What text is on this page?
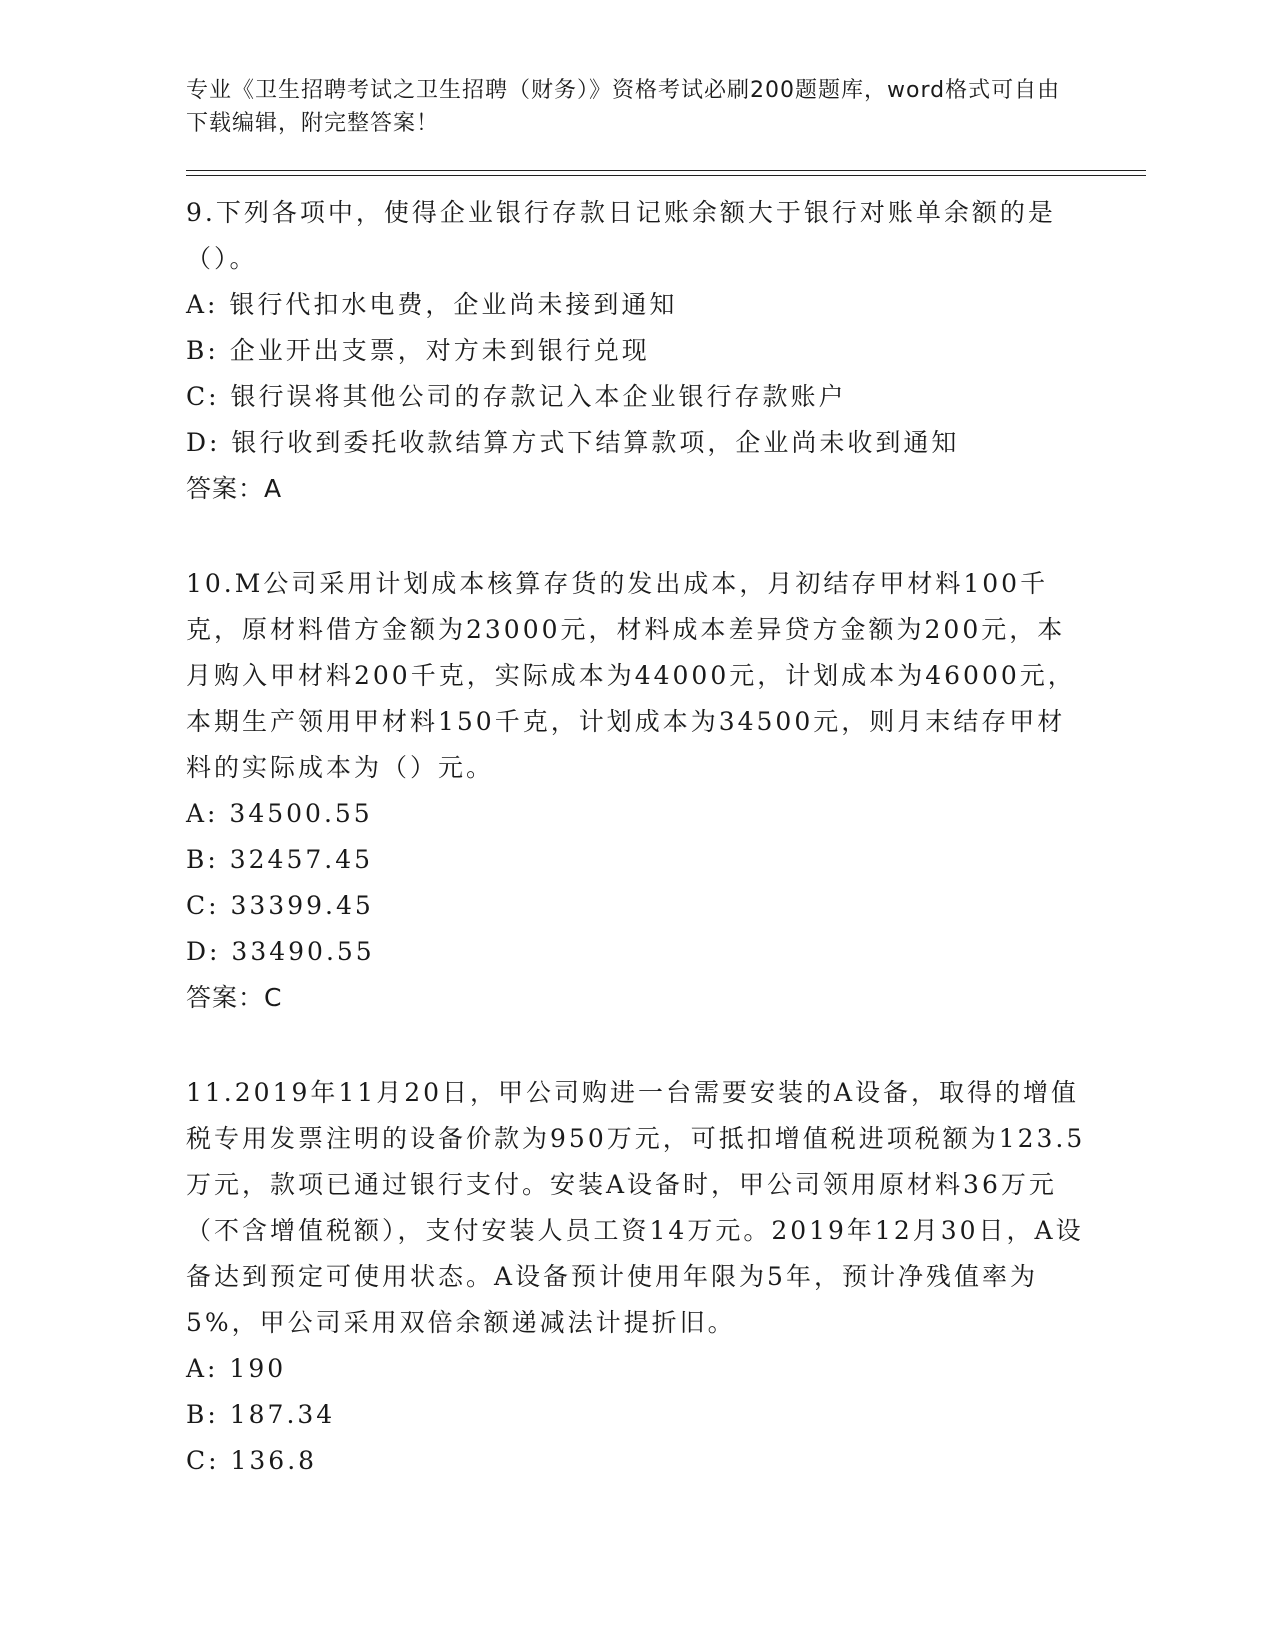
专业《卫生招聘考试之卫生招聘（财务）》资格考试必刷200题题库，word格式可自由下载编辑，附完整答案！
9.下列各项中，使得企业银行存款日记账余额大于银行对账单余额的是（）。
A: 银行代扣水电费，企业尚未接到通知
B: 企业开出支票，对方未到银行兑现
C: 银行误将其他公司的存款记入本企业银行存款账户
D: 银行收到委托收款结算方式下结算款项，企业尚未收到通知
答案：A
10.M公司采用计划成本核算存货的发出成本，月初结存甲材料100千克，原材料借方金额为23000元，材料成本差异贷方金额为200元，本月购入甲材料200千克，实际成本为44000元，计划成本为46000元，本期生产领用甲材料150千克，计划成本为34500元，则月末结存甲材料的实际成本为（）元。
A: 34500.55
B: 32457.45
C: 33399.45
D: 33490.55
答案：C
11.2019年11月20日，甲公司购进一台需要安装的A设备，取得的增值税专用发票注明的设备价款为950万元，可抵扣增值税进项税额为123.5万元，款项已通过银行支付。安装A设备时，甲公司领用原材料36万元（不含增值税额），支付安装人员工资14万元。2019年12月30日，A设备达到预定可使用状态。A设备预计使用年限为5年，预计净残值率为5%，甲公司采用双倍余额递减法计提折旧。
A: 190
B: 187.34
C: 136.8
